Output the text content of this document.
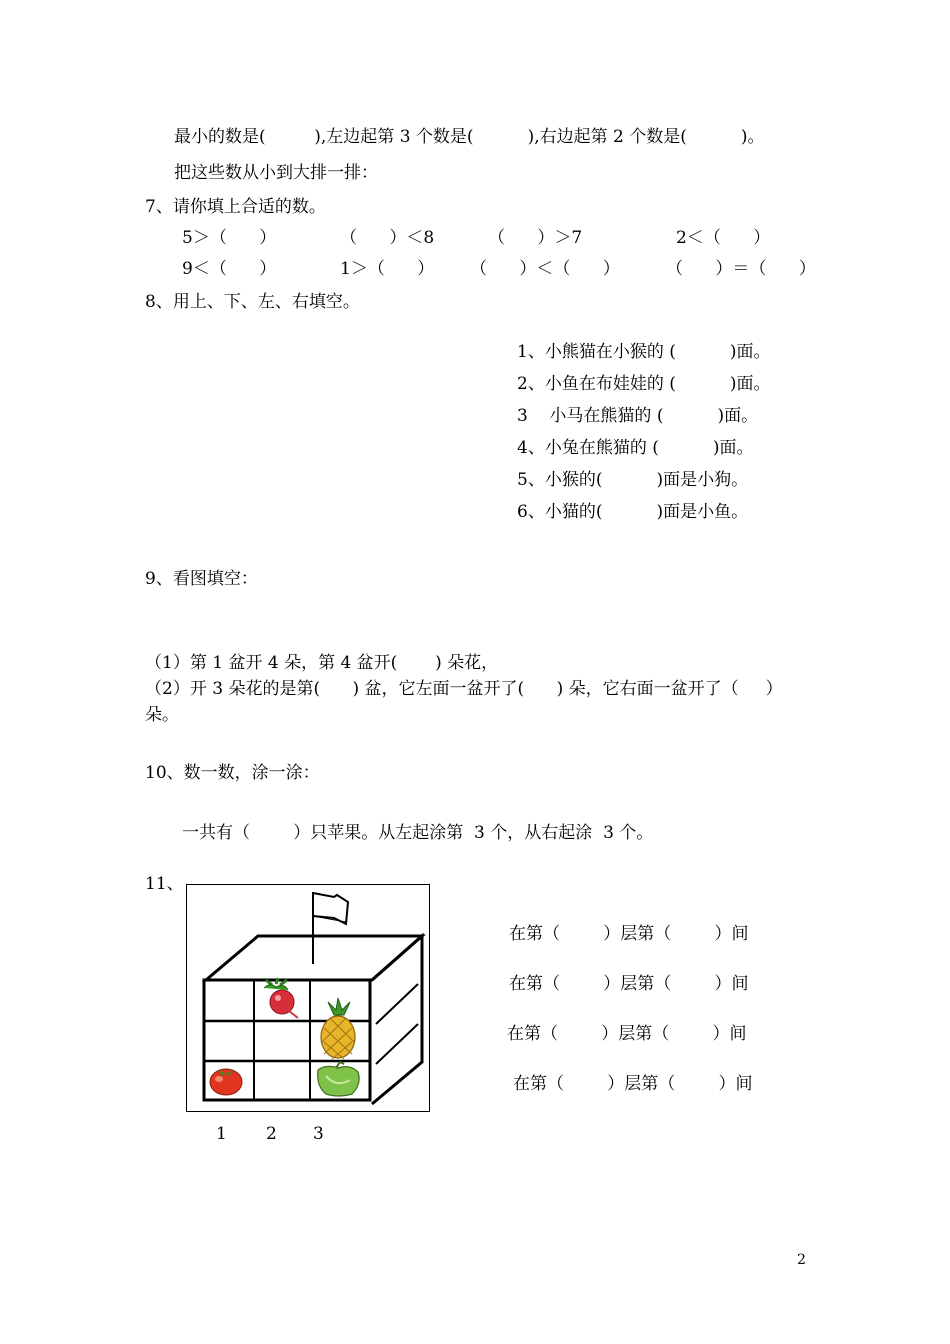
最小的数是(         ),左边起第 3 个数是(          ),右边起第 2 个数是(          )。
把这些数从小到大排一排：
7、请你填上合适的数。
5＞（      ）	（      ）＜8	（      ）＞7	2＜（      ）
9＜（      ）	1＞（      ） （      ）＜（      ）	（      ）＝（      ）
8、用上、下、左、右填空。
1、小熊猫在小猴的 (          )面。
2、小鱼在布娃娃的 (          )面。
3    小马在熊猫的 (          )面。
4、小兔在熊猫的 (          )面。
5、小猴的(          )面是小狗。
6、小猫的(          )面是小鱼。
9、看图填空：
（1）第 1 盆开 4 朵，第 4 盆开(       ) 朵花，
（2）开 3 朵花的是第(      ) 盆，它左面一盆开了(      ) 朵，它右面一盆开了（     ）
朵。
10、数一数，涂一涂：
一共有（        ）只苹果。从左起涂第  3 个，从右起涂  3 个。
11、
1 2 3
在第（        ）层第（        ）间
在第（        ）层第（        ）间
在第（        ）层第（        ）间
在第（        ）层第（        ）间
2
